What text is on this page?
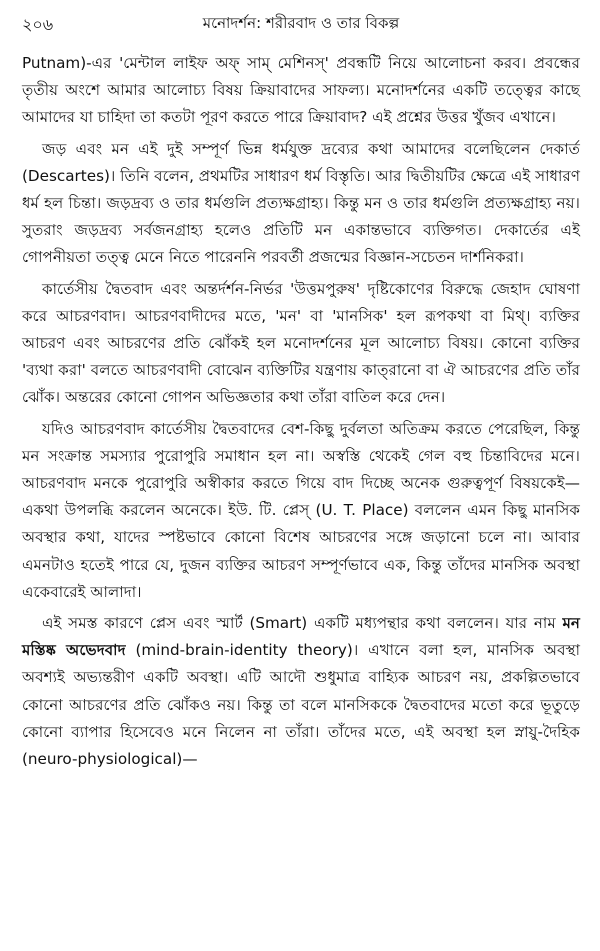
২০৬	মনোদর্শন: শরীরবাদ ও তার বিকল্প

Putnam)-এর 'মেন্টাল লাইফ অফ্ সাম্ মেশিনস্' প্রবন্ধটি নিয়ে আলোচনা করব। প্রবন্ধের তৃতীয় অংশে আমার আলোচ্য বিষয় ক্রিয়াবাদের সাফল্য। মনোদর্শনের একটি তত্ত্বের কাছে আমাদের যা চাহিদা তা কতটা পূরণ করতে পারে ক্রিয়াবাদ? এই প্রশ্নের উত্তর খুঁজব এখানে।

জড় এবং মন এই দুই সম্পূর্ণ ভিন্ন ধর্মযুক্ত দ্রব্যের কথা আমাদের বলেছিলেন দেকার্ত (Descartes)। তিনি বলেন, প্রথমটির সাধারণ ধর্ম বিস্তৃতি। আর দ্বিতীয়টির ক্ষেত্রে এই সাধারণ ধর্ম হল চিন্তা। জড়দ্রব্য ও তার ধর্মগুলি প্রত্যক্ষগ্রাহ্য। কিন্তু মন ও তার ধর্মগুলি প্রত্যক্ষগ্রাহ্য নয়। সুতরাং জড়দ্রব্য সর্বজনগ্রাহ্য হলেও প্রতিটি মন একান্তভাবে ব্যক্তিগত। দেকার্তের এই গোপনীয়তা তত্ত্ব মেনে নিতে পারেননি পরবর্তী প্রজন্মের বিজ্ঞান-সচেতন দার্শনিকরা।

কার্তেসীয় দ্বৈতবাদ এবং অন্তর্দর্শন-নির্ভর 'উত্তমপুরুষ' দৃষ্টিকোণের বিরুদ্ধে জেহাদ ঘোষণা করে আচরণবাদ। আচরণবাদীদের মতে, 'মন' বা 'মানসিক' হল রূপকথা বা মিথ্। ব্যক্তির আচরণ এবং আচরণের প্রতি ঝোঁকই হল মনোদর্শনের মূল আলোচ্য বিষয়। কোনো ব্যক্তির 'ব্যথা করা' বলতে আচরণবাদী বোঝেন ব্যক্তিটির যন্ত্রণায় কাত্‌রানো বা ঐ আচরণের প্রতি তাঁর ঝোঁক। অন্তরের কোনো গোপন অভিজ্ঞতার কথা তাঁরা বাতিল করে দেন।

যদিও আচরণবাদ কার্তেসীয় দ্বৈতবাদের বেশ-কিছু দুর্বলতা অতিক্রম করতে পেরেছিল, কিন্তু মন সংক্রান্ত সমস্যার পুরোপুরি সমাধান হল না। অস্বস্তি থেকেই গেল বহু চিন্তাবিদের মনে। আচরণবাদ মনকে পুরোপুরি অস্বীকার করতে গিয়ে বাদ দিচ্ছে অনেক গুরুত্বপূর্ণ বিষয়কেই— একথা উপলব্ধি করলেন অনেকে। ইউ. টি. প্লেস্ (U. T. Place) বললেন এমন কিছু মানসিক অবস্থার কথা, যাদের স্পষ্টভাবে কোনো বিশেষ আচরণের সঙ্গে জড়ানো চলে না। আবার এমনটাও হতেই পারে যে, দুজন ব্যক্তির আচরণ সম্পূর্ণভাবে এক, কিন্তু তাঁদের মানসিক অবস্থা একেবারেই আলাদা।

এই সমস্ত কারণে প্লেস এবং স্মার্ট (Smart) একটি মধ্যপন্থার কথা বললেন। যার নাম মন মস্তিষ্ক অভেদবাদ (mind-brain-identity theory)। এখানে বলা হল, মানসিক অবস্থা অবশ্যই অভ্যন্তরীণ একটি অবস্থা। এটি আদৌ শুধুমাত্র বাহ্যিক আচরণ নয়, প্রকল্পিতভাবে কোনো আচরণের প্রতি ঝোঁকও নয়। কিন্তু তা বলে মানসিককে দ্বৈতবাদের মতো করে ভূতুড়ে কোনো ব্যাপার হিসেবেও মনে নিলেন না তাঁরা। তাঁদের মতে, এই অবস্থা হল স্নায়ু-দৈহিক (neuro-physiological)—
